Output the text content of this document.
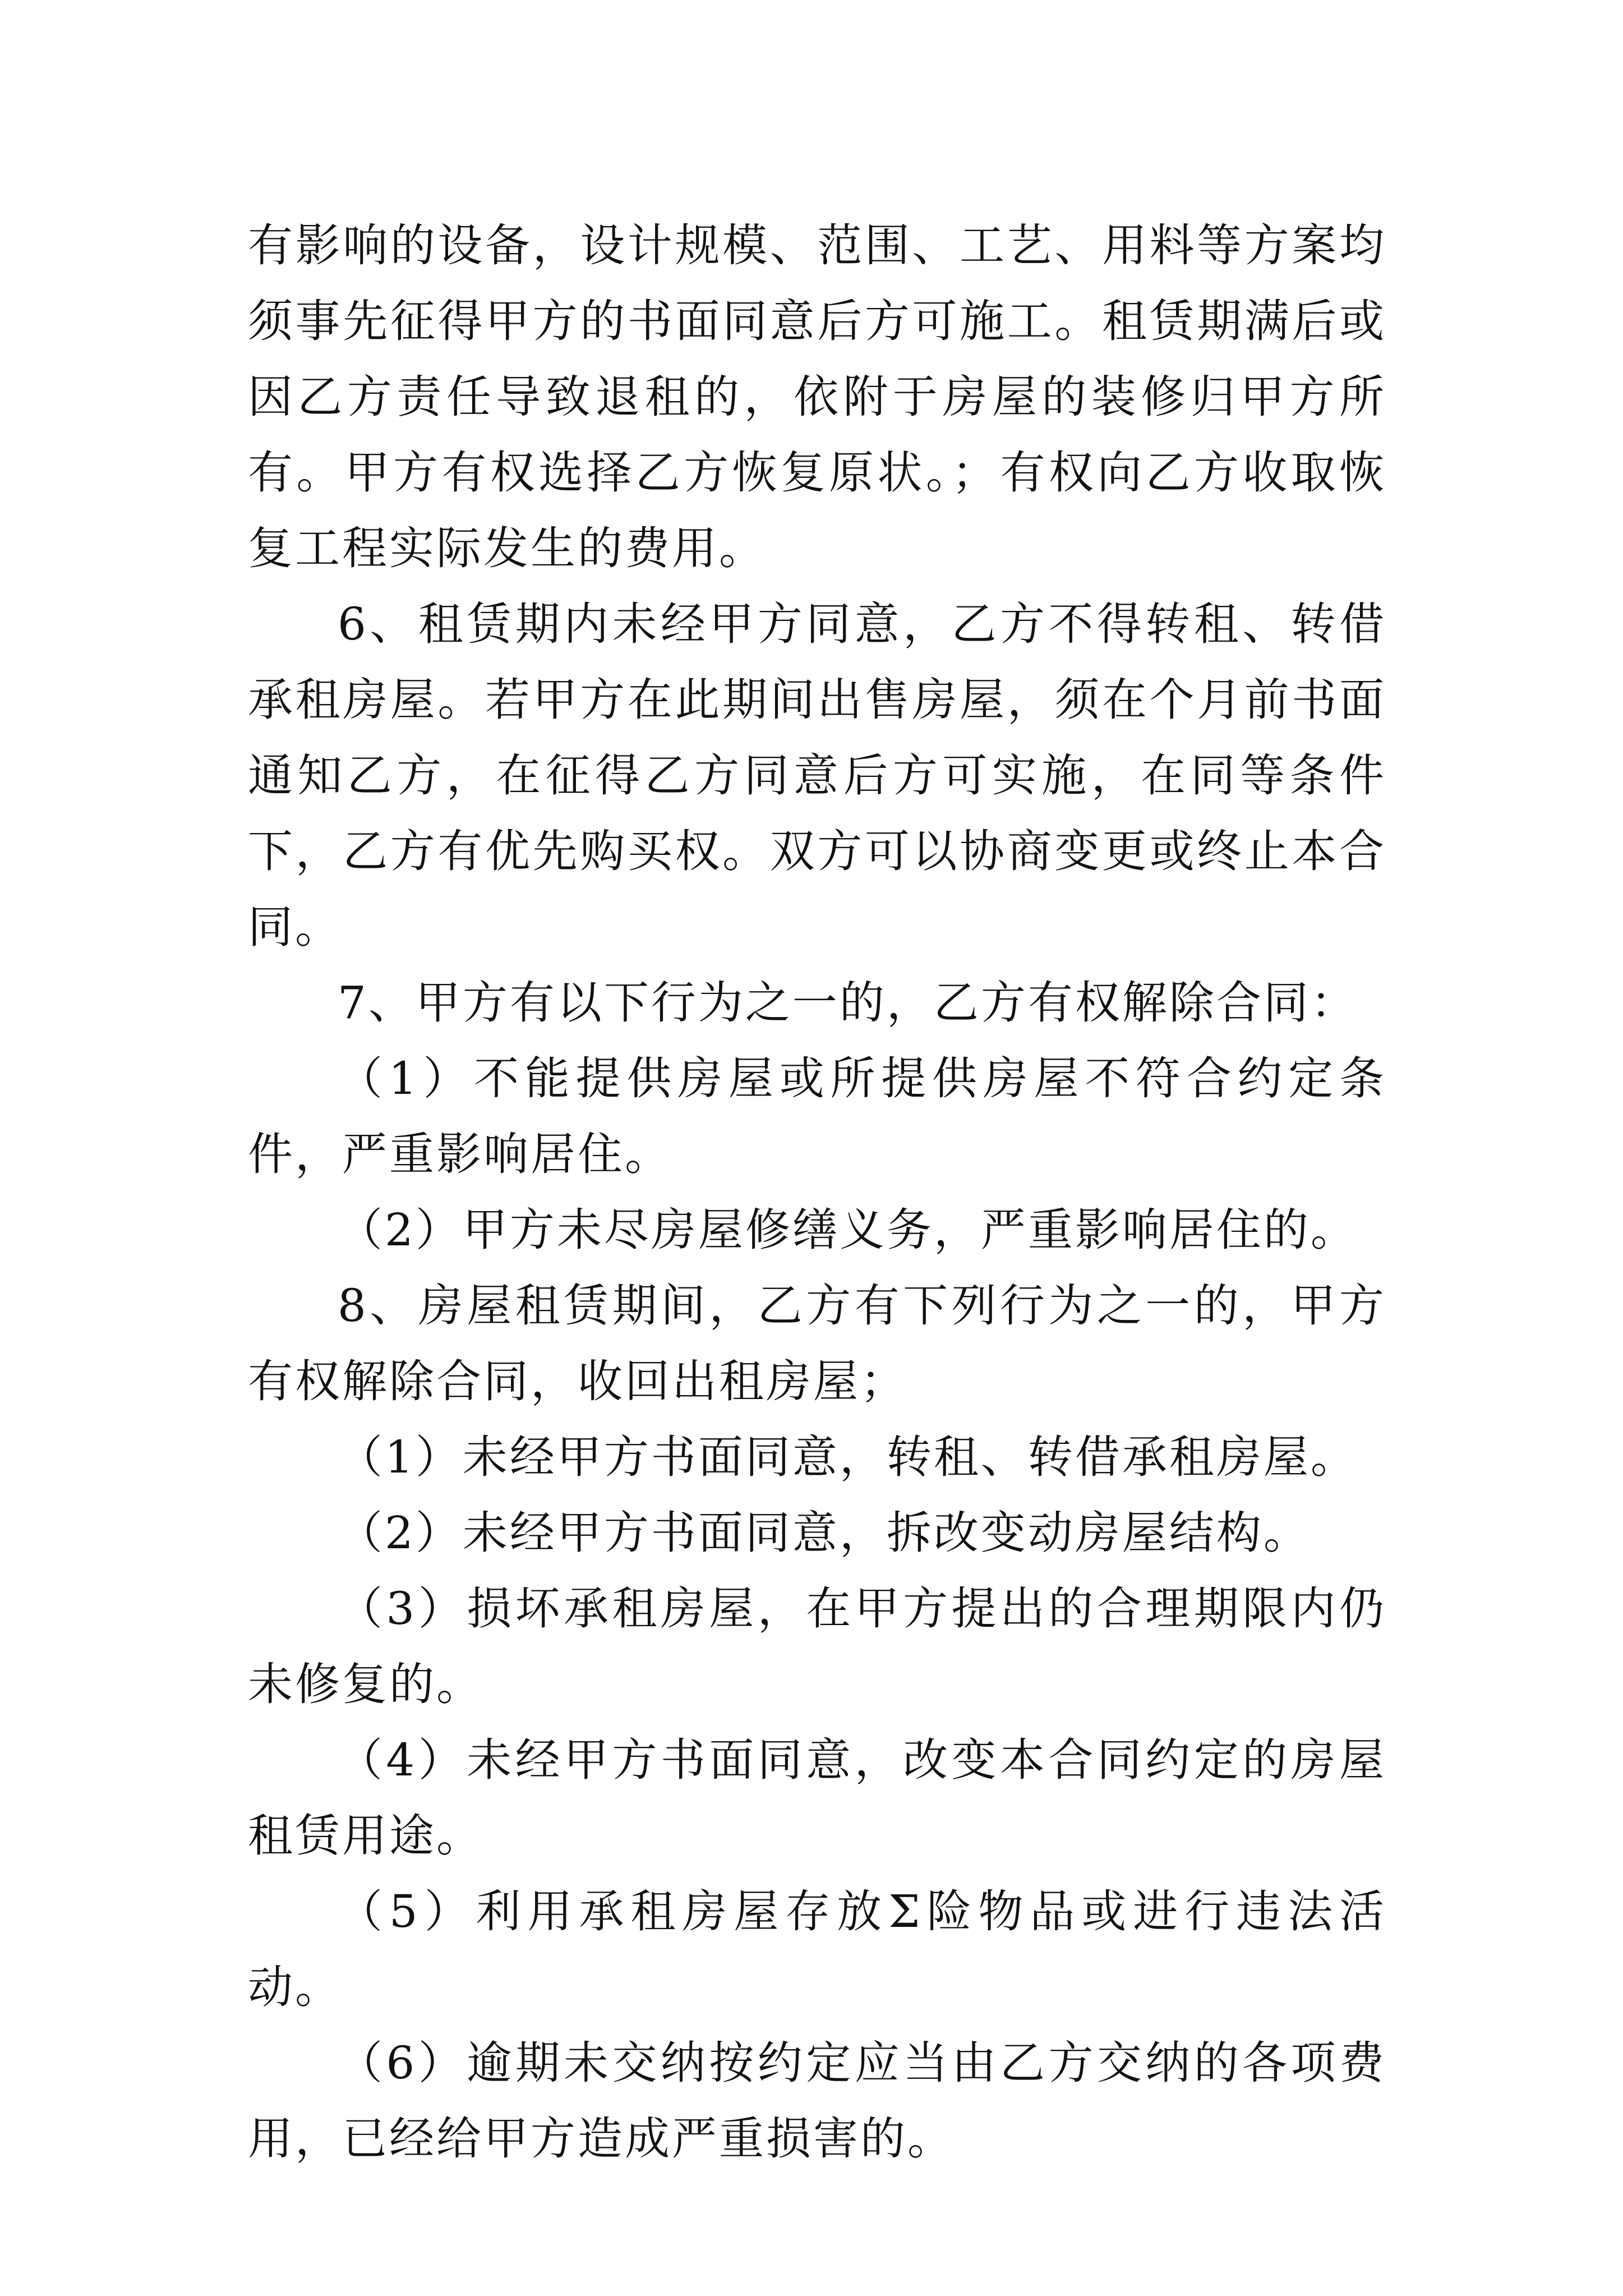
有影响的设备，设计规模、范围、工艺、用料等方案均须事先征得甲方的书面同意后方可施工。租赁期满后或因乙方责任导致退租的，依附于房屋的装修归甲方所有。甲方有权选择乙方恢复原状。；有权向乙方收取恢复工程实际发生的费用。

6、租赁期内未经甲方同意，乙方不得转租、转借承租房屋。若甲方在此期间出售房屋，须在个月前书面通知乙方，在征得乙方同意后方可实施，在同等条件下，乙方有优先购买权。双方可以协商变更或终止本合同。

7、甲方有以下行为之一的，乙方有权解除合同：

（1）不能提供房屋或所提供房屋不符合约定条件，严重影响居住。

（2）甲方未尽房屋修缮义务，严重影响居住的。

8、房屋租赁期间，乙方有下列行为之一的，甲方有权解除合同，收回出租房屋；

（1）未经甲方书面同意，转租、转借承租房屋。

（2）未经甲方书面同意，拆改变动房屋结构。

（3）损坏承租房屋，在甲方提出的合理期限内仍未修复的。

（4）未经甲方书面同意，改变本合同约定的房屋租赁用途。

（5）利用承租房屋存放Σ险物品或进行违法活动。

（6）逾期未交纳按约定应当由乙方交纳的各项费用，已经给甲方造成严重损害的。
